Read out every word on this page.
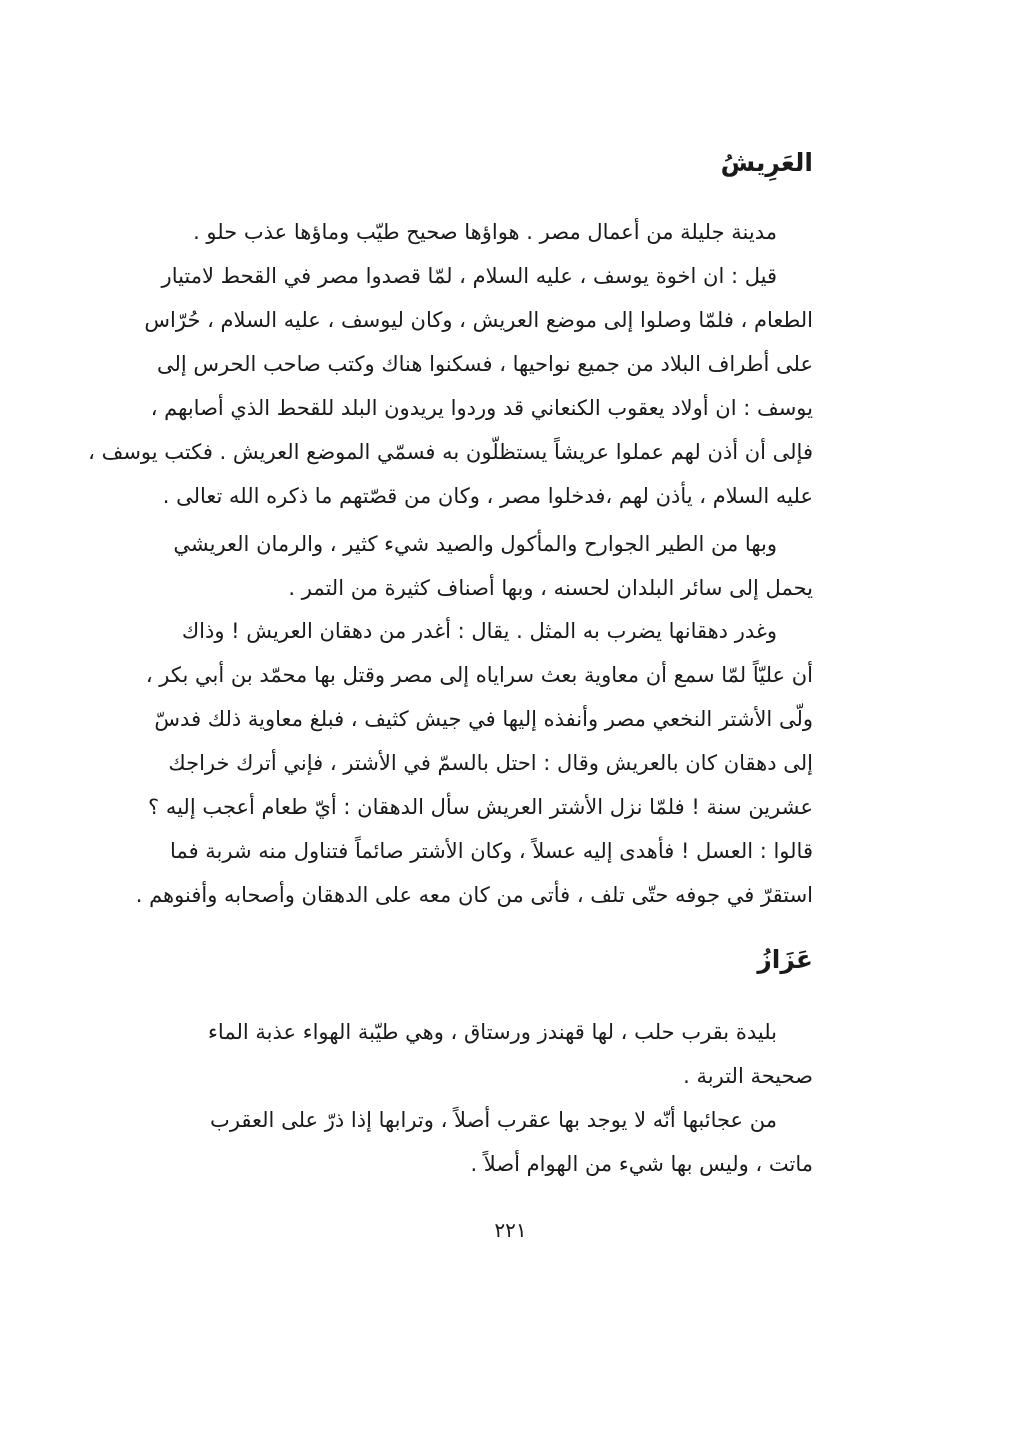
العَرِيشُ

مدينة جليلة من أعمال مصر . هواؤها صحيح طيّب وماؤها عذب حلو .

قيل : ان اخوة يوسف ، عليه السلام ، لمّا قصدوا مصر في القحط لامتيار

الطعام ، فلمّا وصلوا إلى موضع العريش ، وكان ليوسف ، عليه السلام ، حُرّاس

على أطراف البلاد من جميع نواحيها ، فسكنوا هناك وكتب صاحب الحرس إلى

يوسف : ان أولاد يعقوب الكنعاني قد وردوا يريدون البلد للقحط الذي أصابهم ،

فإلى أن أذن لهم عملوا عريشاً يستظلّون به فسمّي الموضع العريش . فكتب يوسف ،

عليه السلام ، يأذن لهم ،فدخلوا مصر ، وكان من قصّتهم ما ذكره الله تعالى .

وبها من الطير الجوارح والمأكول والصيد شيء كثير ، والرمان العريشي

يحمل إلى سائر البلدان لحسنه ، وبها أصناف كثيرة من التمر .

وغدر دهقانها يضرب به المثل . يقال : أغدر من دهقان العريش ! وذاك

أن عليّاً لمّا سمع أن معاوية بعث سراياه إلى مصر وقتل بها محمّد بن أبي بكر ،

ولّى الأشتر النخعي مصر وأنفذه إليها في جيش كثيف ، فبلغ معاوية ذلك فدسّ

إلى دهقان كان بالعريش وقال : احتل بالسمّ في الأشتر ، فإني أترك خراجك

عشرين سنة ! فلمّا نزل الأشتر العريش سأل الدهقان : أيّ طعام أعجب إليه ؟

قالوا : العسل ! فأهدى إليه عسلاً ، وكان الأشتر صائماً فتناول منه شربة فما

استقرّ في جوفه حتّى تلف ، فأتى من كان معه على الدهقان وأصحابه وأفنوهم .

عَزَازُ

بليدة بقرب حلب ، لها قهندز ورستاق ، وهي طيّبة الهواء عذبة الماء

صحيحة التربة .

من عجائبها أنّه لا يوجد بها عقرب أصلاً ، وترابها إذا ذرّ على العقرب

ماتت ، وليس بها شيء من الهوام أصلاً .

٢٢١
